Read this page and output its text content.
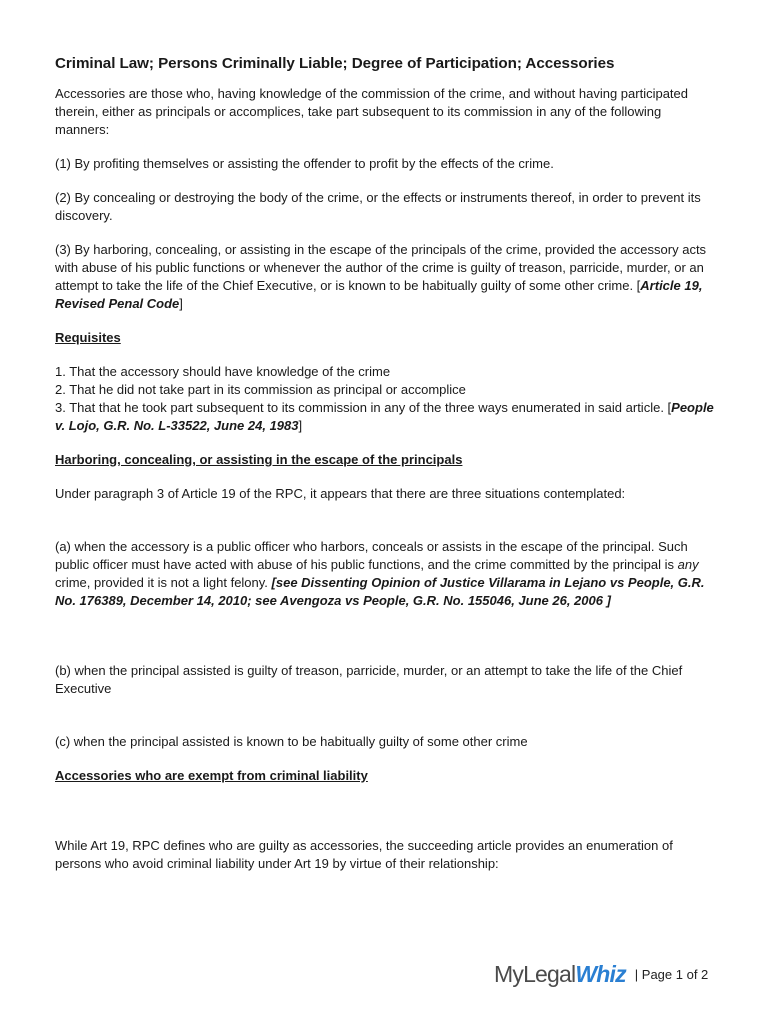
Criminal Law; Persons Criminally Liable; Degree of Participation; Accessories

Accessories are those who, having knowledge of the commission of the crime, and without having participated therein, either as principals or accomplices, take part subsequent to its commission in any of the following manners:

(1) By profiting themselves or assisting the offender to profit by the effects of the crime.

(2) By concealing or destroying the body of the crime, or the effects or instruments thereof, in order to prevent its discovery.

(3) By harboring, concealing, or assisting in the escape of the principals of the crime, provided the accessory acts with abuse of his public functions or whenever the author of the crime is guilty of treason, parricide, murder, or an attempt to take the life of the Chief Executive, or is known to be habitually guilty of some other crime. [Article 19, Revised Penal Code]

Requisites

1. That the accessory should have knowledge of the crime

2. That he did not take part in its commission as principal or accomplice

3. That that he took part subsequent to its commission in any of the three ways enumerated in said article. [People v. Lojo, G.R. No. L-33522, June 24, 1983]

Harboring, concealing, or assisting in the escape of the principals

Under paragraph 3 of Article 19 of the RPC, it appears that there are three situations contemplated:

(a) when the accessory is a public officer who harbors, conceals or assists in the escape of the principal. Such public officer must have acted with abuse of his public functions, and the crime committed by the principal is any crime, provided it is not a light felony. [see Dissenting Opinion of Justice Villarama in Lejano vs People, G.R. No. 176389, December 14, 2010; see Avengoza vs People, G.R. No. 155046, June 26, 2006 ]

(b) when the principal assisted is guilty of treason, parricide, murder, or an attempt to take the life of the Chief Executive

(c) when the principal assisted is known to be habitually guilty of some other crime

Accessories who are exempt from criminal liability

While Art 19, RPC defines who are guilty as accessories, the succeeding article provides an enumeration of persons who avoid criminal liability under Art 19 by virtue of their relationship:

MyLegalWhiz | Page 1 of 2
